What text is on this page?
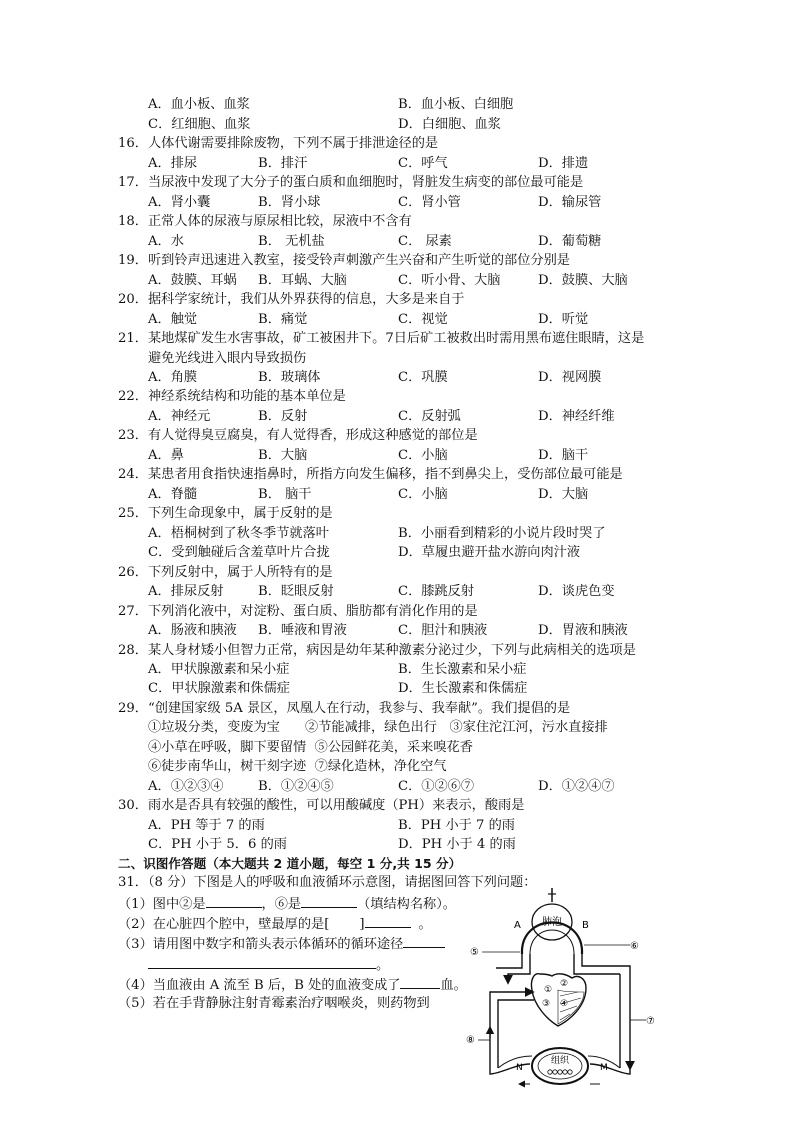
A．血小板、血浆	B．血小板、白细胞
C．红细胞、血浆	D．白细胞、血浆
16．人体代谢需要排除废物，下列不属于排泄途径的是
A．排尿	B．排汗	C．呼气	D．排遗
17．当尿液中发现了大分子的蛋白质和血细胞时，肾脏发生病变的部位最可能是
A．肾小囊	B．肾小球	C．肾小管	D．输尿管
18．正常人体的尿液与原尿相比较，尿液中不含有
A．水	B． 无机盐	C． 尿素	D．葡萄糖
19．听到铃声迅速进入教室，接受铃声刺激产生兴奋和产生听觉的部位分别是
A．鼓膜、耳蜗 B．耳蜗、大脑	C．听小骨、大脑	D．鼓膜、大脑
20．据科学家统计，我们从外界获得的信息，大多是来自于
A．触觉	B．痛觉	C．视觉	D．听觉
21．某地煤矿发生水害事故，矿工被困井下。7日后矿工被救出时需用黑布遮住眼睛，这是
避免光线进入眼内导致损伤
A．角膜	B．玻璃体	C．巩膜	D．视网膜
22．神经系统结构和功能的基本单位是
A．神经元	B．反射	C．反射弧	D．神经纤维
23．有人觉得臭豆腐臭，有人觉得香，形成这种感觉的部位是
A．鼻	B．大脑	C．小脑	D．脑干
24．某患者用食指快速指鼻时，所指方向发生偏移，指不到鼻尖上，受伤部位最可能是
A．脊髓	B． 脑干	C．小脑	D．大脑
25．下列生命现象中，属于反射的是
A．梧桐树到了秋冬季节就落叶	B．小丽看到精彩的小说片段时哭了
C．受到触碰后含羞草叶片合拢	D．草履虫避开盐水游向肉汁液
26．下列反射中，属于人所特有的是
A．排尿反射	B．眨眼反射	C．膝跳反射	D．谈虎色变
27．下列消化液中，对淀粉、蛋白质、脂肪都有消化作用的是
A．肠液和胰液 B．唾液和胃液	C．胆汁和胰液	D．胃液和胰液
28．某人身材矮小但智力正常，病因是幼年某种激素分泌过少，下列与此病相关的选项是
A．甲状腺激素和呆小症	B．生长激素和呆小症
C．甲状腺激素和侏儒症	D．生长激素和侏儒症
29．“创建国家级 5A 景区，凤凰人在行动，我参与、我奉献”。我们提倡的是
①垃圾分类，变废为宝      ②节能减排，绿色出行   ③家住沱江河，污水直接排
④小草在呼吸，脚下要留情  ⑤公园鲜花美，采来嗅花香
⑥徒步南华山，树干刻字迹  ⑦绿化造林，净化空气
A．①②③④	B．①②④⑤	C．①②⑥⑦	D．①②④⑦
30．雨水是否具有较强的酸性，可以用酸碱度（PH）来表示，酸雨是
A．PH 等于 7 的雨	B．PH 小于 7 的雨
C．PH 小于 5．6 的雨	D．PH 小于 4 的雨
二、识图作答题（本大题共 2 道小题，每空 1 分,共 15 分）
31．（8 分）下图是人的呼吸和血液循环示意图，请据图回答下列问题：
（1）图中②是	，⑥是	（填结构名称）。
（2）在心脏四个腔中，壁最厚的是[ ]	。
（3）请用图中数字和箭头表示体循环的循环途径
。
（4）当血液由 A 流至 B 后，B 处的血液变成了	血。
（5）若在手背静脉注射青霉素治疗咽喉炎，则药物到
肺泡
A	B
⑤
⑥
①
②
③ ④
⑧
⑦
组织
N	M
